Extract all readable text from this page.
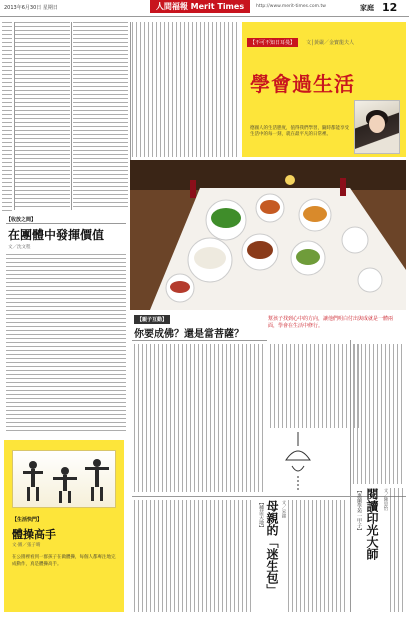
2013年6月30日 星期日	人間福報 Merit Times	http://www.merit-times.com.tw	家庭 12
【不可不知日耳曼】	文│黃嚴／金寶龍夫人
學會過生活
德國人的生活態度，值得我們學習，隨時都能享受生活中的每一刻，就在最平凡的日常裡。
【收放之間】
在團體中發揮價值
文／沈文程
【生活快門】
體操高手
文·圖／張子晴
在公園裡看到一群孩子在做體操，每個人都專注地完成動作，真是體操高手。
【親子互動】
你要成佛？還是當菩薩？
幫孩子找到心中的方向，讓他們明白付出與成就是一體兩面，學會在生活中修行。
【種苗天地】 母親的「迷生包」 文／宋錦	【惠蘭學苑一甲子】 閱讀印光大師 文／陳思怡
